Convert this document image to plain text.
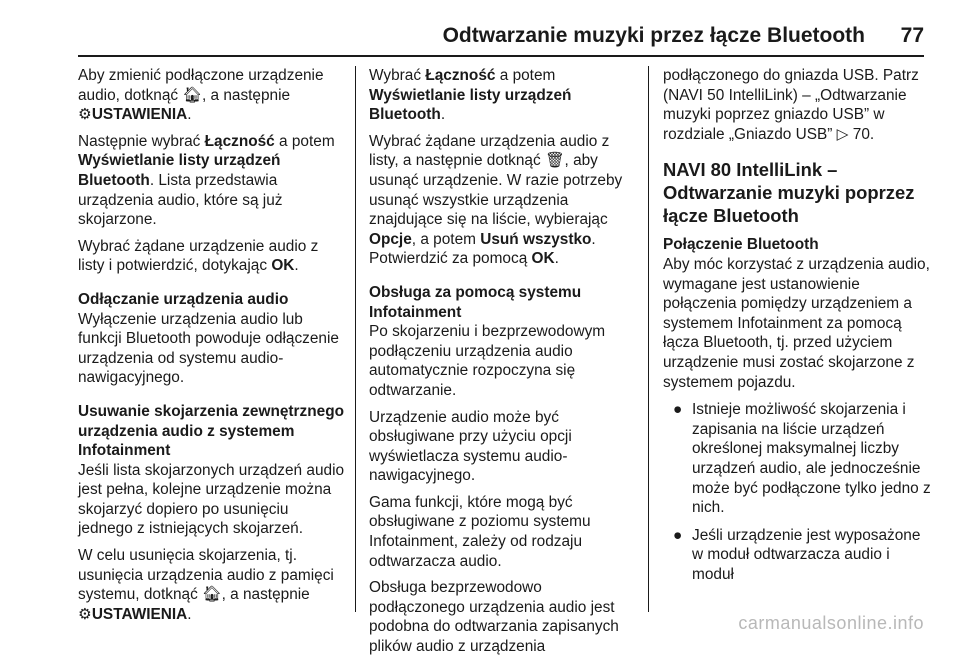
Odtwarzanie muzyki przez łącze Bluetooth 77

Aby zmienić podłączone urządzenie audio, dotknąć 🏠︎, a następnie
⚙︎USTAWIENIA.

Następnie wybrać Łączność a potem Wyświetlanie listy urządzeń Bluetooth. Lista przedstawia urządzenia audio, które są już skojarzone.

Wybrać żądane urządzenie audio z listy i potwierdzić, dotykając OK.

Odłączanie urządzenia audio

Wyłączenie urządzenia audio lub funkcji Bluetooth powoduje odłączenie urządzenia od systemu audio-nawigacyjnego.

Usuwanie skojarzenia zewnętrznego urządzenia audio z systemem Infotainment

Jeśli lista skojarzonych urządzeń audio jest pełna, kolejne urządzenie można skojarzyć dopiero po usunięciu jednego z istniejących skojarzeń.

W celu usunięcia skojarzenia, tj. usunięcia urządzenia audio z pamięci systemu, dotknąć 🏠︎, a następnie
⚙︎USTAWIENIA.

Wybrać Łączność a potem Wyświetlanie listy urządzeń Bluetooth.

Wybrać żądane urządzenia audio z listy, a następnie dotknąć 🗑︎, aby usunąć urządzenie. W razie potrzeby usunąć wszystkie urządzenia znajdujące się na liście, wybierając Opcje, a potem Usuń wszystko.
Potwierdzić za pomocą OK.

Obsługa za pomocą systemu Infotainment

Po skojarzeniu i bezprzewodowym podłączeniu urządzenia audio automatycznie rozpoczyna się odtwarzanie.

Urządzenie audio może być obsługiwane przy użyciu opcji wyświetlacza systemu audio-nawigacyjnego.

Gama funkcji, które mogą być obsługiwane z poziomu systemu Infotainment, zależy od rodzaju odtwarzacza audio.

Obsługa bezprzewodowo podłączonego urządzenia audio jest podobna do odtwarzania zapisanych plików audio z urządzenia

podłączonego do gniazda USB. Patrz (NAVI 50 IntelliLink) – „Odtwarzanie muzyki poprzez gniazdo USB” w rozdziale „Gniazdo USB” ▷ 70.

NAVI 80 IntelliLink – Odtwarzanie muzyki poprzez łącze Bluetooth
Połączenie Bluetooth

Aby móc korzystać z urządzenia audio, wymagane jest ustanowienie połączenia pomiędzy urządzeniem a systemem Infotainment za pomocą łącza Bluetooth, tj. przed użyciem urządzenie musi zostać skojarzone z systemem pojazdu.

● Istnieje możliwość skojarzenia i zapisania na liście urządzeń określonej maksymalnej liczby urządzeń audio, ale jednocześnie może być podłączone tylko jedno z nich.
● Jeśli urządzenie jest wyposażone w moduł odtwarzacza audio i moduł
carmanualsonline.info
